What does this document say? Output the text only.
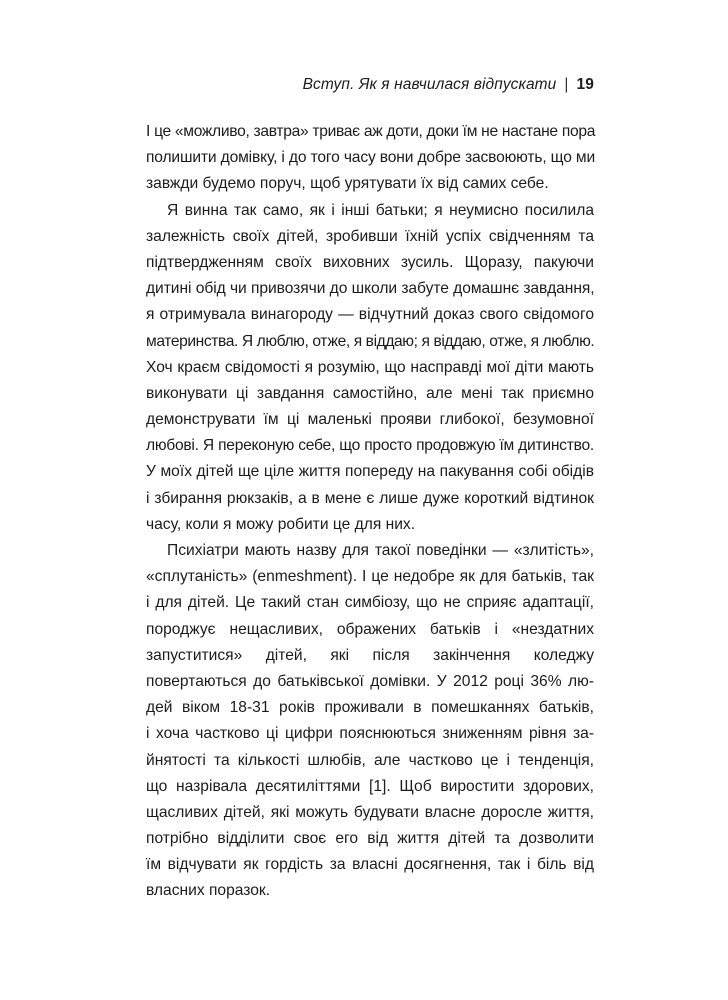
Вступ. Як я навчилася відпускати | 19
І це «можливо, завтра» триває аж доти, доки їм не настане пора
полишити домівку, і до того часу вони добре засвоюють, що ми
завжди будемо поруч, щоб урятувати їх від самих себе.
Я винна так само, як і інші батьки; я неумисно посилила
залежність своїх дітей, зробивши їхній успіх свідченням та
підтвердженням своїх виховних зусиль. Щоразу, пакуючи
дитині обід чи привозячи до школи забуте домашнє завдання,
я отримувала винагороду — відчутний доказ свого свідомого
материнства. Я люблю, отже, я віддаю; я віддаю, отже, я люблю.
Хоч краєм свідомості я розумію, що насправді мої діти мають
виконувати ці завдання самостійно, але мені так приємно
демонструвати їм ці маленькі прояви глибокої, безумовної
любові. Я переконую себе, що просто продовжую їм дитинство.
У моїх дітей ще ціле життя попереду на пакування собі обідів
і збирання рюкзаків, а в мене є лише дуже короткий відтинок
часу, коли я можу робити це для них.
Психіатри мають назву для такої поведінки — «злитість»,
«сплутаність» (enmeshment). І це недобре як для батьків, так
і для дітей. Це такий стан симбіозу, що не сприяє адаптації,
породжує нещасливих, ображених батьків і «нездатних
запуститися» дітей, які після закінчення коледжу
повертаються до батьківської домівки. У 2012 році 36% лю-
дей віком 18-31 років проживали в помешканнях батьків,
і хоча частково ці цифри пояснюються зниженням рівня за-
йнятості та кількості шлюбів, але частково це і тенденція,
що назрівала десятиліттями [1]. Щоб виростити здорових,
щасливих дітей, які можуть будувати власне доросле життя,
потрібно відділити своє его від життя дітей та дозволити
їм відчувати як гордість за власні досягнення, так і біль від
власних поразок.
